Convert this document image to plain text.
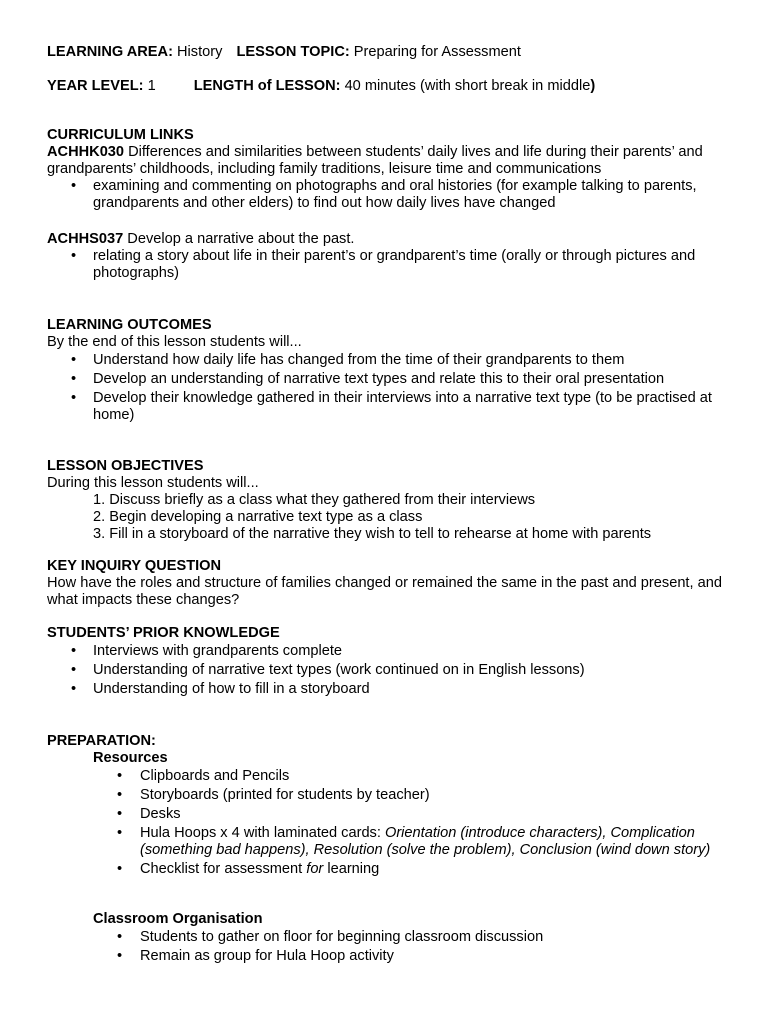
LEARNING AREA: History LESSON TOPIC: Preparing for Assessment
YEAR LEVEL: 1	LENGTH of LESSON: 40 minutes (with short break in middle)
CURRICULUM LINKS
ACHHK030 Differences and similarities between students’ daily lives and life during their parents’ and grandparents’ childhoods, including family traditions, leisure time and communications
• examining and commenting on photographs and oral histories (for example talking to parents, grandparents and other elders) to find out how daily lives have changed
ACHHS037 Develop a narrative about the past.
• relating a story about life in their parent’s or grandparent’s time (orally or through pictures and photographs)
LEARNING OUTCOMES
By the end of this lesson students will...
• Understand how daily life has changed from the time of their grandparents to them
• Develop an understanding of narrative text types and relate this to their oral presentation
• Develop their knowledge gathered in their interviews into a narrative text type (to be practised at home)
LESSON OBJECTIVES
During this lesson students will...
1. Discuss briefly as a class what they gathered from their interviews
2. Begin developing a narrative text type as a class
3. Fill in a storyboard of the narrative they wish to tell to rehearse at home with parents
KEY INQUIRY QUESTION
How have the roles and structure of families changed or remained the same in the past and present, and what impacts these changes?
STUDENTS’ PRIOR KNOWLEDGE
• Interviews with grandparents complete
• Understanding of narrative text types (work continued on in English lessons)
• Understanding of how to fill in a storyboard
PREPARATION:
Resources
• Clipboards and Pencils
• Storyboards (printed for students by teacher)
• Desks
• Hula Hoops x 4 with laminated cards: Orientation (introduce characters), Complication (something bad happens), Resolution (solve the problem), Conclusion (wind down story)
• Checklist for assessment for learning
Classroom Organisation
• Students to gather on floor for beginning classroom discussion
• Remain as group for Hula Hoop activity
